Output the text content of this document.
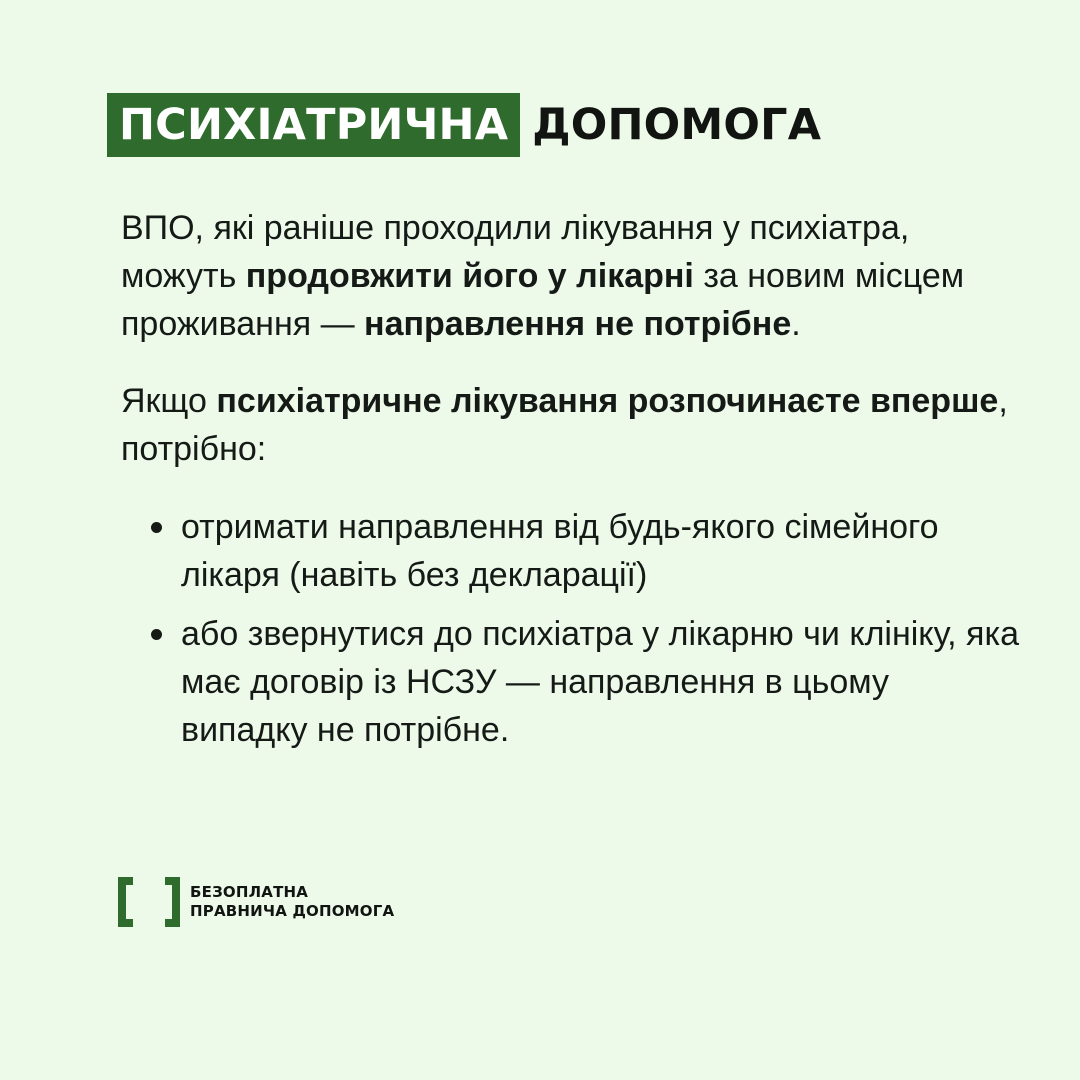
ПСИХІАТРИЧНА ДОПОМОГА

ВПО, які раніше проходили лікування у психіатра, можуть продовжити його у лікарні за новим місцем проживання — направлення не потрібне.

Якщо психіатричне лікування розпочинаєте вперше, потрібно:

отримати направлення від будь-якого сімейного лікаря (навіть без декларації)
або звернутися до психіатра у лікарню чи клініку, яка має договір із НСЗУ — направлення в цьому випадку не потрібне.
БЕЗОПЛАТНА
ПРАВНИЧА ДОПОМОГА
